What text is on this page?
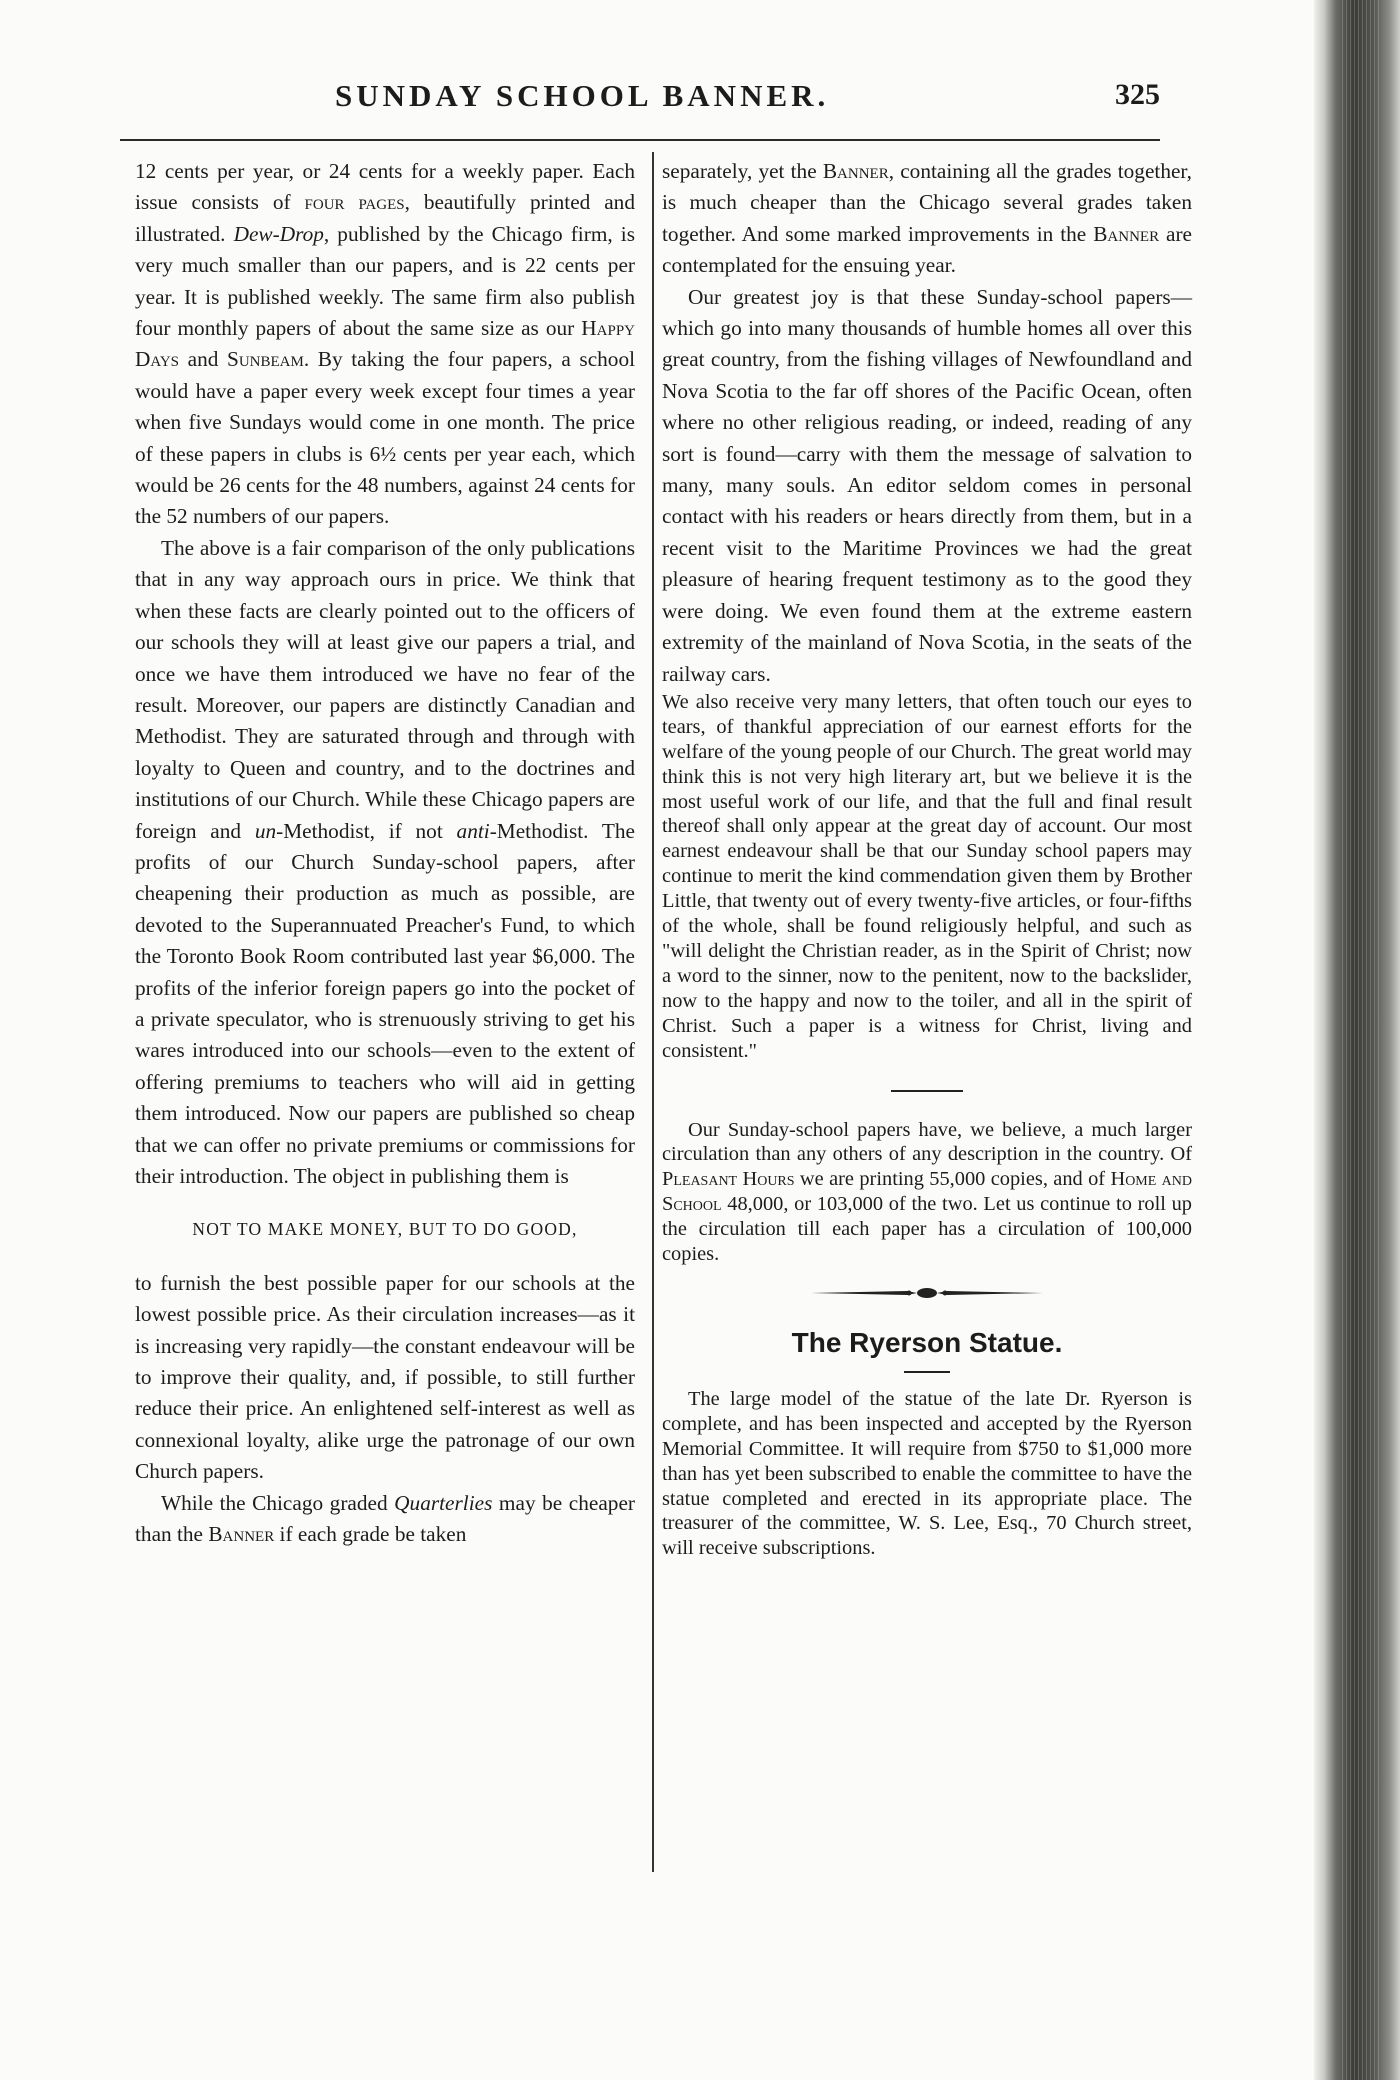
SUNDAY SCHOOL BANNER.	325

12 cents per year, or 24 cents for a weekly paper. Each issue consists of four pages, beautifully printed and illustrated. Dew-Drop, published by the Chicago firm, is very much smaller than our papers, and is 22 cents per year. It is published weekly. The same firm also publish four monthly papers of about the same size as our Happy Days and Sunbeam. By taking the four papers, a school would have a paper every week except four times a year when five Sundays would come in one month. The price of these papers in clubs is 6½ cents per year each, which would be 26 cents for the 48 numbers, against 24 cents for the 52 numbers of our papers.

The above is a fair comparison of the only publications that in any way approach ours in price. We think that when these facts are clearly pointed out to the officers of our schools they will at least give our papers a trial, and once we have them introduced we have no fear of the result. Moreover, our papers are distinctly Canadian and Methodist. They are saturated through and through with loyalty to Queen and country, and to the doctrines and institutions of our Church. While these Chicago papers are foreign and un-Methodist, if not anti-Methodist. The profits of our Church Sunday-school papers, after cheapening their production as much as possible, are devoted to the Superannuated Preacher's Fund, to which the Toronto Book Room contributed last year $6,000. The profits of the inferior foreign papers go into the pocket of a private speculator, who is strenuously striving to get his wares introduced into our schools—even to the extent of offering premiums to teachers who will aid in getting them introduced. Now our papers are published so cheap that we can offer no private premiums or commissions for their introduction. The object in publishing them is

NOT TO MAKE MONEY, BUT TO DO GOOD,

to furnish the best possible paper for our schools at the lowest possible price. As their circulation increases—as it is increasing very rapidly—the constant endeavour will be to improve their quality, and, if possible, to still further reduce their price. An enlightened self-interest as well as connexional loyalty, alike urge the patronage of our own Church papers.

While the Chicago graded Quarterlies may be cheaper than the Banner if each grade be taken

separately, yet the Banner, containing all the grades together, is much cheaper than the Chicago several grades taken together. And some marked improvements in the Banner are contemplated for the ensuing year.

Our greatest joy is that these Sunday-school papers—which go into many thousands of humble homes all over this great country, from the fishing villages of Newfoundland and Nova Scotia to the far off shores of the Pacific Ocean, often where no other religious reading, or indeed, reading of any sort is found—carry with them the message of salvation to many, many souls. An editor seldom comes in personal contact with his readers or hears directly from them, but in a recent visit to the Maritime Provinces we had the great pleasure of hearing frequent testimony as to the good they were doing. We even found them at the extreme eastern extremity of the mainland of Nova Scotia, in the seats of the railway cars.

We also receive very many letters, that often touch our eyes to tears, of thankful appreciation of our earnest efforts for the welfare of the young people of our Church. The great world may think this is not very high literary art, but we believe it is the most useful work of our life, and that the full and final result thereof shall only appear at the great day of account. Our most earnest endeavour shall be that our Sunday school papers may continue to merit the kind commendation given them by Brother Little, that twenty out of every twenty-five articles, or four-fifths of the whole, shall be found religiously helpful, and such as "will delight the Christian reader, as in the Spirit of Christ; now a word to the sinner, now to the penitent, now to the backslider, now to the happy and now to the toiler, and all in the spirit of Christ. Such a paper is a witness for Christ, living and consistent."

Our Sunday-school papers have, we believe, a much larger circulation than any others of any description in the country. Of Pleasant Hours we are printing 55,000 copies, and of Home and School 48,000, or 103,000 of the two. Let us continue to roll up the circulation till each paper has a circulation of 100,000 copies.

The Ryerson Statue.

The large model of the statue of the late Dr. Ryerson is complete, and has been inspected and accepted by the Ryerson Memorial Committee. It will require from $750 to $1,000 more than has yet been subscribed to enable the committee to have the statue completed and erected in its appropriate place. The treasurer of the committee, W. S. Lee, Esq., 70 Church street, will receive subscriptions.
